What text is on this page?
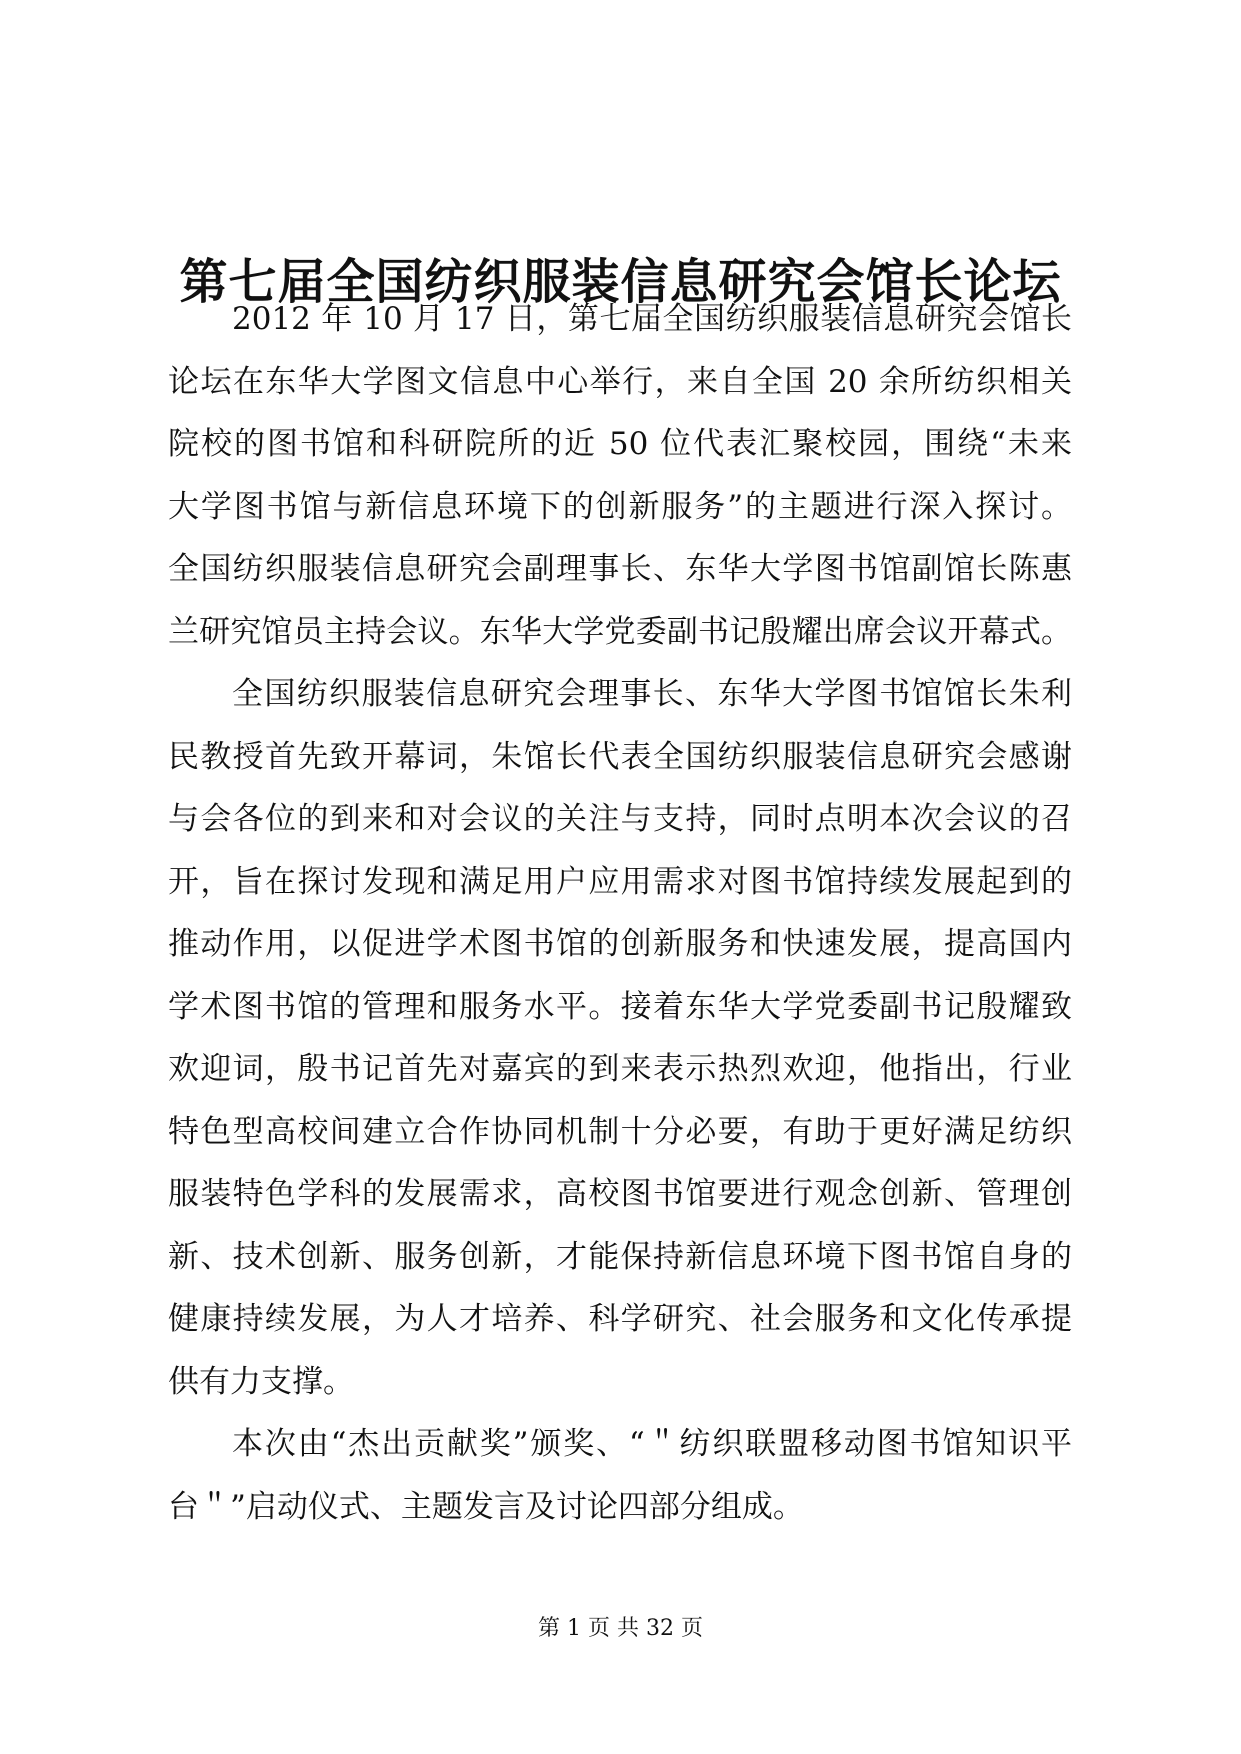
第七届全国纺织服装信息研究会馆长论坛
2012 年 10 月 17 日，第七届全国纺织服装信息研究会馆长
论坛在东华大学图文信息中心举行，来自全国 20 余所纺织相关
院校的图书馆和科研院所的近 50 位代表汇聚校园，围绕“未来
大学图书馆与新信息环境下的创新服务”的主题进行深入探讨。
全国纺织服装信息研究会副理事长、东华大学图书馆副馆长陈惠
兰研究馆员主持会议。东华大学党委副书记殷耀出席会议开幕式。
全国纺织服装信息研究会理事长、东华大学图书馆馆长朱利
民教授首先致开幕词，朱馆长代表全国纺织服装信息研究会感谢
与会各位的到来和对会议的关注与支持，同时点明本次会议的召
开，旨在探讨发现和满足用户应用需求对图书馆持续发展起到的
推动作用，以促进学术图书馆的创新服务和快速发展，提高国内
学术图书馆的管理和服务水平。接着东华大学党委副书记殷耀致
欢迎词，殷书记首先对嘉宾的到来表示热烈欢迎，他指出，行业
特色型高校间建立合作协同机制十分必要，有助于更好满足纺织
服装特色学科的发展需求，高校图书馆要进行观念创新、管理创
新、技术创新、服务创新，才能保持新信息环境下图书馆自身的
健康持续发展，为人才培养、科学研究、社会服务和文化传承提
供有力支撑。
本次由“杰出贡献奖”颁奖、“＂纺织联盟移动图书馆知识平
台＂”启动仪式、主题发言及讨论四部分组成。
第 1 页 共 32 页
